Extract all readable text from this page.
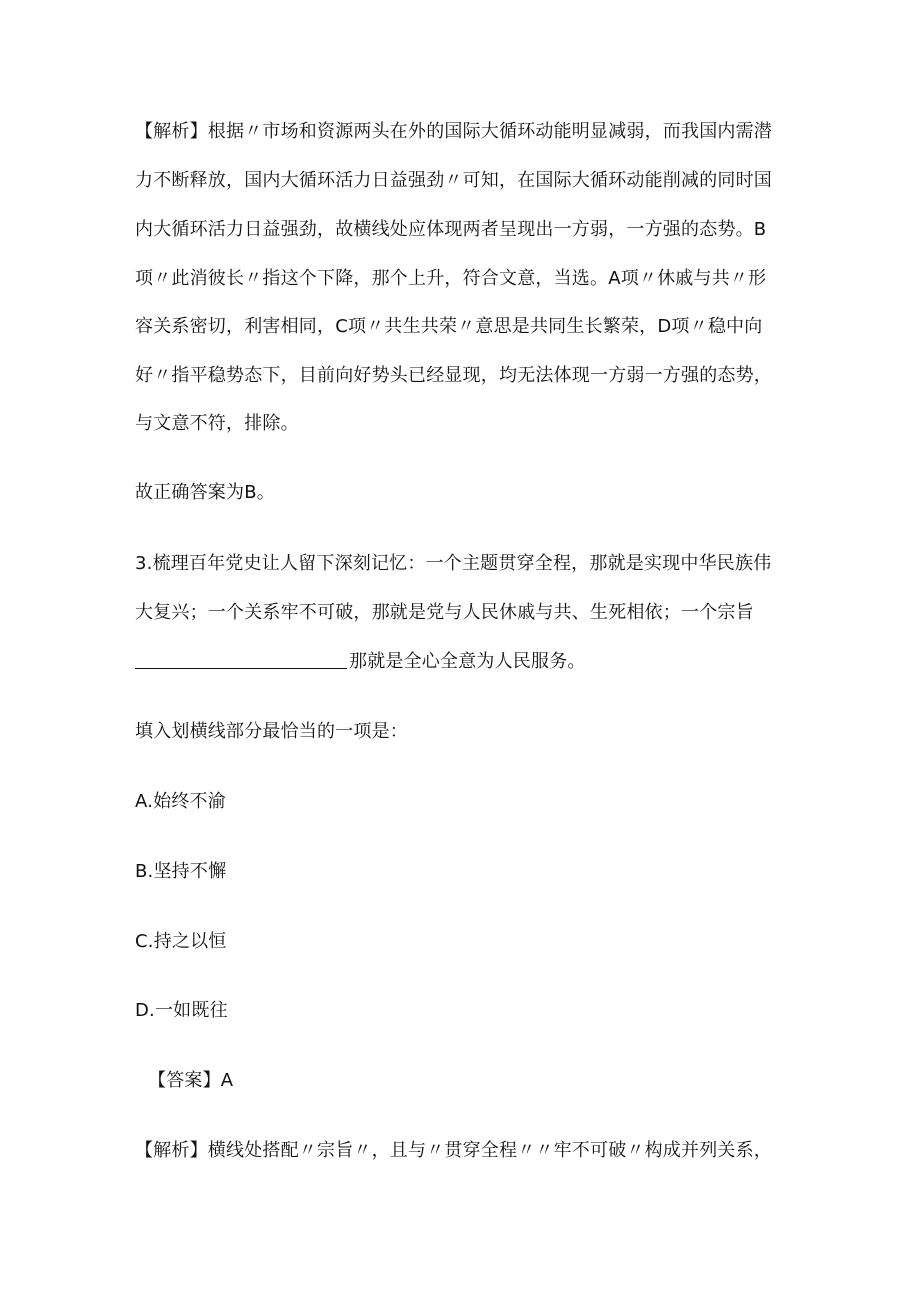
【解析】根据〃市场和资源两头在外的国际大循环动能明显减弱，而我国内需潜
力不断释放，国内大循环活力日益强劲〃可知，在国际大循环动能削减的同时国
内大循环活力日益强劲，故横线处应体现两者呈现出一方弱，一方强的态势。B
项〃此消彼长〃指这个下降，那个上升，符合文意，当选。A项〃休戚与共〃形
容关系密切，利害相同，C项〃共生共荣〃意思是共同生长繁荣，D项〃稳中向
好〃指平稳势态下，目前向好势头已经显现，均无法体现一方弱一方强的态势，
与文意不符，排除。
故正确答案为B。
3.梳理百年党史让人留下深刻记忆：一个主题贯穿全程，那就是实现中华民族伟
大复兴；一个关系牢不可破，那就是党与人民休戚与共、生死相依；一个宗旨
那就是全心全意为人民服务。
填入划横线部分最恰当的一项是：
A.始终不渝
B.坚持不懈
C.持之以恒
D.一如既往
【答案】A
【解析】横线处搭配〃宗旨〃，且与〃贯穿全程〃〃牢不可破〃构成并列关系，
